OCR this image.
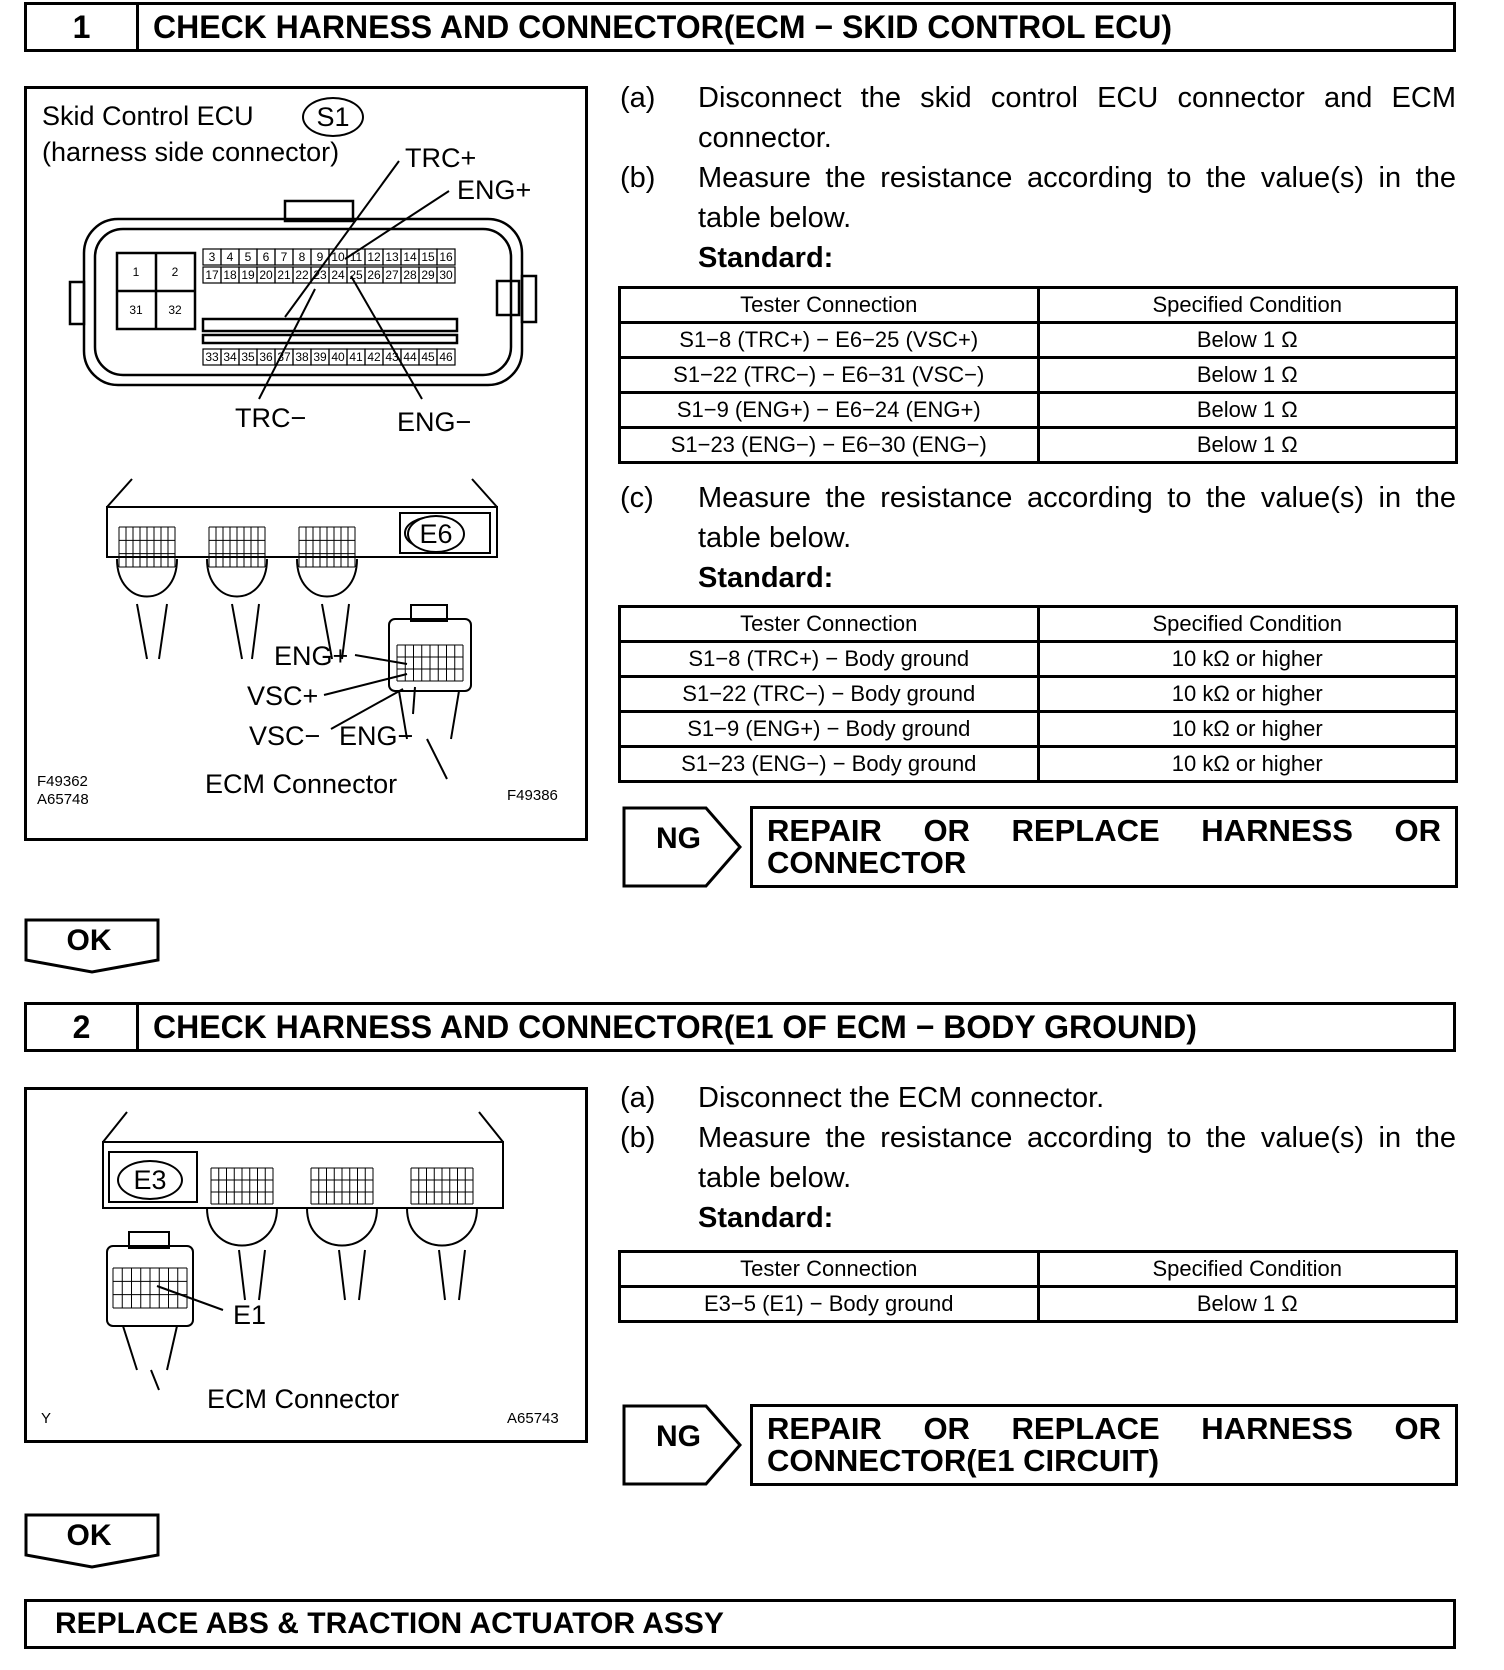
1	CHECK HARNESS AND CONNECTOR(ECM − SKID CONTROL ECU)
Skid Control ECU
(harness side connector)
S1
TRC+
ENG+
TRC−	ENG−
3 4 5 6 7 8 9 10 11 12 13 14 15 16
17 18 19 20 21 22 23 24 25 26 27 28 29 30
33 34 35 36 37 38 39 40 41 42 43 44 45 46
1	2
31 32
E6
ENG+
VSC+
VSC− ENG−
ECM Connector
F49362
A65748	F49386
(a) Disconnect the skid control ECU connector and ECM connector.
(b) Measure the resistance according to the value(s) in the table below.
Standard:
Tester Connection	Specified Condition
S1−8 (TRC+) − E6−25 (VSC+)	Below 1 Ω
S1−22 (TRC−) − E6−31 (VSC−)	Below 1 Ω
S1−9 (ENG+) − E6−24 (ENG+)	Below 1 Ω
S1−23 (ENG−) − E6−30 (ENG−)	Below 1 Ω
(c) Measure the resistance according to the value(s) in the table below.
Standard:
Tester Connection	Specified Condition
S1−8 (TRC+) − Body ground	10 kΩ or higher
S1−22 (TRC−) − Body ground	10 kΩ or higher
S1−9 (ENG+) − Body ground	10 kΩ or higher
S1−23 (ENG−) − Body ground	10 kΩ or higher
NG REPAIR OR REPLACE HARNESS OR
CONNECTOR
OK
2	CHECK HARNESS AND CONNECTOR(E1 OF ECM − BODY GROUND)
E3
E1
ECM Connector
Y	A65743
(a) Disconnect the ECM connector.
(b) Measure the resistance according to the value(s) in the table below.
Standard:
Tester Connection	Specified Condition
E3−5 (E1) − Body ground	Below 1 Ω
NG REPAIR OR REPLACE HARNESS OR
CONNECTOR(E1 CIRCUIT)
OK
REPLACE ABS & TRACTION ACTUATOR ASSY
